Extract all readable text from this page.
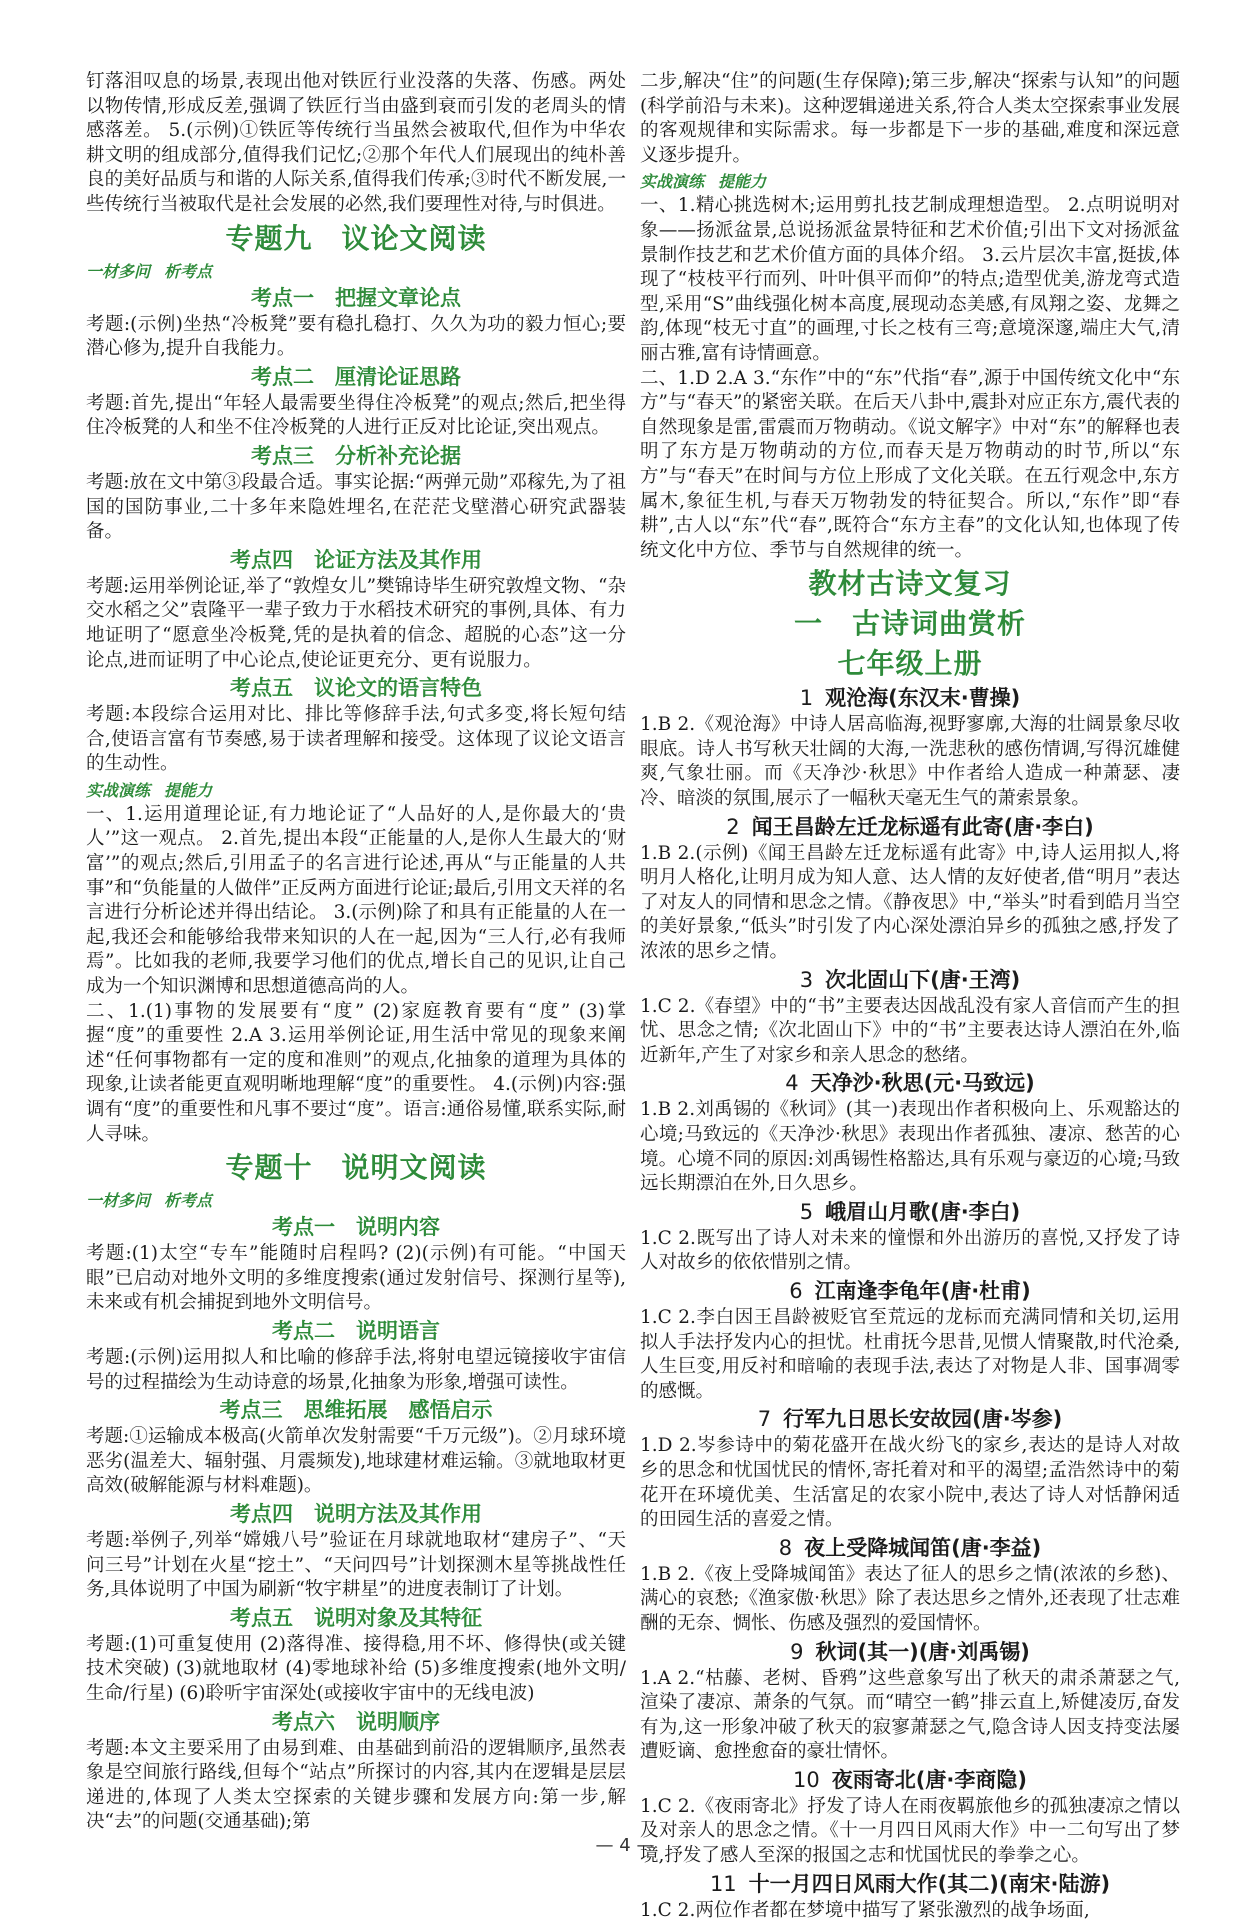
钉落泪叹息的场景,表现出他对铁匠行业没落的失落、伤感。两处以物传情,形成反差,强调了铁匠行当由盛到衰而引发的老周头的情感落差。 5.(示例)①铁匠等传统行当虽然会被取代,但作为中华农耕文明的组成部分,值得我们记忆;②那个年代人们展现出的纯朴善良的美好品质与和谐的人际关系,值得我们传承;③时代不断发展,一些传统行当被取代是社会发展的必然,我们要理性对待,与时俱进。

专题九　议论文阅读
一材多问 析考点
考点一　把握文章论点

考题:(示例)坐热“冷板凳”要有稳扎稳打、久久为功的毅力恒心;要潜心修为,提升自我能力。

考点二　厘清论证思路

考题:首先,提出“年轻人最需要坐得住冷板凳”的观点;然后,把坐得住冷板凳的人和坐不住冷板凳的人进行正反对比论证,突出观点。

考点三　分析补充论据

考题:放在文中第③段最合适。事实论据:“两弹元勋”邓稼先,为了祖国的国防事业,二十多年来隐姓埋名,在茫茫戈壁潜心研究武器装备。

考点四　论证方法及其作用

考题:运用举例论证,举了“敦煌女儿”樊锦诗毕生研究敦煌文物、“杂交水稻之父”袁隆平一辈子致力于水稻技术研究的事例,具体、有力地证明了“愿意坐冷板凳,凭的是执着的信念、超脱的心态”这一分论点,进而证明了中心论点,使论证更充分、更有说服力。

考点五　议论文的语言特色

考题:本段综合运用对比、排比等修辞手法,句式多变,将长短句结合,使语言富有节奏感,易于读者理解和接受。这体现了议论文语言的生动性。

实战演练 提能力

一、1.运用道理论证,有力地论证了“人品好的人,是你最大的‘贵人’”这一观点。 2.首先,提出本段“正能量的人,是你人生最大的‘财富’”的观点;然后,引用孟子的名言进行论述,再从“与正能量的人共事”和“负能量的人做伴”正反两方面进行论证;最后,引用文天祥的名言进行分析论述并得出结论。 3.(示例)除了和具有正能量的人在一起,我还会和能够给我带来知识的人在一起,因为“三人行,必有我师焉”。比如我的老师,我要学习他们的优点,增长自己的见识,让自己成为一个知识渊博和思想道德高尚的人。

二、1.(1)事物的发展要有“度” (2)家庭教育要有“度” (3)掌握“度”的重要性 2.A 3.运用举例论证,用生活中常见的现象来阐述“任何事物都有一定的度和准则”的观点,化抽象的道理为具体的现象,让读者能更直观明晰地理解“度”的重要性。 4.(示例)内容:强调有“度”的重要性和凡事不要过“度”。语言:通俗易懂,联系实际,耐人寻味。

专题十　说明文阅读
一材多问 析考点
考点一　说明内容

考题:(1)太空“专车”能随时启程吗? (2)(示例)有可能。“中国天眼”已启动对地外文明的多维度搜索(通过发射信号、探测行星等),未来或有机会捕捉到地外文明信号。

考点二　说明语言

考题:(示例)运用拟人和比喻的修辞手法,将射电望远镜接收宇宙信号的过程描绘为生动诗意的场景,化抽象为形象,增强可读性。

考点三　思维拓展　感悟启示

考题:①运输成本极高(火箭单次发射需要“千万元级”)。②月球环境恶劣(温差大、辐射强、月震频发),地球建材难运输。③就地取材更高效(破解能源与材料难题)。

考点四　说明方法及其作用

考题:举例子,列举“嫦娥八号”验证在月球就地取材“建房子”、“天问三号”计划在火星“挖土”、“天问四号”计划探测木星等挑战性任务,具体说明了中国为刷新“牧宇耕星”的进度表制订了计划。

考点五　说明对象及其特征

考题:(1)可重复使用 (2)落得准、接得稳,用不坏、修得快(或关键技术突破) (3)就地取材 (4)零地球补给 (5)多维度搜索(地外文明/生命/行星) (6)聆听宇宙深处(或接收宇宙中的无线电波)

考点六　说明顺序

考题:本文主要采用了由易到难、由基础到前沿的逻辑顺序,虽然表象是空间旅行路线,但每个“站点”所探讨的内容,其内在逻辑是层层递进的,体现了人类太空探索的关键步骤和发展方向:第一步,解决“去”的问题(交通基础);第

二步,解决“住”的问题(生存保障);第三步,解决“探索与认知”的问题(科学前沿与未来)。这种逻辑递进关系,符合人类太空探索事业发展的客观规律和实际需求。每一步都是下一步的基础,难度和深远意义逐步提升。

实战演练 提能力

一、1.精心挑选树木;运用剪扎技艺制成理想造型。 2.点明说明对象——扬派盆景,总说扬派盆景特征和艺术价值;引出下文对扬派盆景制作技艺和艺术价值方面的具体介绍。 3.云片层次丰富,挺拔,体现了“枝枝平行而列、叶叶俱平而仰”的特点;造型优美,游龙弯式造型,采用“S”曲线强化树本高度,展现动态美感,有凤翔之姿、龙舞之韵,体现“枝无寸直”的画理,寸长之枝有三弯;意境深邃,端庄大气,清丽古雅,富有诗情画意。

二、1.D 2.A 3.“东作”中的“东”代指“春”,源于中国传统文化中“东方”与“春天”的紧密关联。在后天八卦中,震卦对应正东方,震代表的自然现象是雷,雷震而万物萌动。《说文解字》中对“东”的解释也表明了东方是万物萌动的方位,而春天是万物萌动的时节,所以“东方”与“春天”在时间与方位上形成了文化关联。在五行观念中,东方属木,象征生机,与春天万物勃发的特征契合。所以,“东作”即“春耕”,古人以“东”代“春”,既符合“东方主春”的文化认知,也体现了传统文化中方位、季节与自然规律的统一。

教材古诗文复习
一　古诗词曲赏析
七年级上册
1 观沧海(东汉末·曹操)

1.B 2.《观沧海》中诗人居高临海,视野寥廓,大海的壮阔景象尽收眼底。诗人书写秋天壮阔的大海,一洗悲秋的感伤情调,写得沉雄健爽,气象壮丽。而《天净沙·秋思》中作者给人造成一种萧瑟、凄冷、暗淡的氛围,展示了一幅秋天毫无生气的萧索景象。

2 闻王昌龄左迁龙标遥有此寄(唐·李白)

1.B 2.(示例)《闻王昌龄左迁龙标遥有此寄》中,诗人运用拟人,将明月人格化,让明月成为知人意、达人情的友好使者,借“明月”表达了对友人的同情和思念之情。《静夜思》中,“举头”时看到皓月当空的美好景象,“低头”时引发了内心深处漂泊异乡的孤独之感,抒发了浓浓的思乡之情。

3 次北固山下(唐·王湾)

1.C 2.《春望》中的“书”主要表达因战乱没有家人音信而产生的担忧、思念之情;《次北固山下》中的“书”主要表达诗人漂泊在外,临近新年,产生了对家乡和亲人思念的愁绪。

4 天净沙·秋思(元·马致远)

1.B 2.刘禹锡的《秋词》(其一)表现出作者积极向上、乐观豁达的心境;马致远的《天净沙·秋思》表现出作者孤独、凄凉、愁苦的心境。心境不同的原因:刘禹锡性格豁达,具有乐观与豪迈的心境;马致远长期漂泊在外,日久思乡。

5 峨眉山月歌(唐·李白)

1.C 2.既写出了诗人对未来的憧憬和外出游历的喜悦,又抒发了诗人对故乡的依依惜别之情。

6 江南逢李龟年(唐·杜甫)

1.C 2.李白因王昌龄被贬官至荒远的龙标而充满同情和关切,运用拟人手法抒发内心的担忧。杜甫抚今思昔,见惯人情聚散,时代沧桑,人生巨变,用反衬和暗喻的表现手法,表达了对物是人非、国事凋零的感慨。

7 行军九日思长安故园(唐·岑参)

1.D 2.岑参诗中的菊花盛开在战火纷飞的家乡,表达的是诗人对故乡的思念和忧国忧民的情怀,寄托着对和平的渴望;孟浩然诗中的菊花开在环境优美、生活富足的农家小院中,表达了诗人对恬静闲适的田园生活的喜爱之情。

8 夜上受降城闻笛(唐·李益)

1.B 2.《夜上受降城闻笛》表达了征人的思乡之情(浓浓的乡愁)、满心的哀愁;《渔家傲·秋思》除了表达思乡之情外,还表现了壮志难酬的无奈、惆怅、伤感及强烈的爱国情怀。

9 秋词(其一)(唐·刘禹锡)

1.A 2.“枯藤、老树、昏鸦”这些意象写出了秋天的肃杀萧瑟之气,渲染了凄凉、萧条的气氛。而“晴空一鹤”排云直上,矫健凌厉,奋发有为,这一形象冲破了秋天的寂寥萧瑟之气,隐含诗人因支持变法屡遭贬谪、愈挫愈奋的豪壮情怀。

10 夜雨寄北(唐·李商隐)

1.C 2.《夜雨寄北》抒发了诗人在雨夜羁旅他乡的孤独凄凉之情以及对亲人的思念之情。《十一月四日风雨大作》中一二句写出了梦境,抒发了感人至深的报国之志和忧国忧民的拳拳之心。

11 十一月四日风雨大作(其二)(南宋·陆游)

1.C 2.两位作者都在梦境中描写了紧张激烈的战争场面,

— 4 —
